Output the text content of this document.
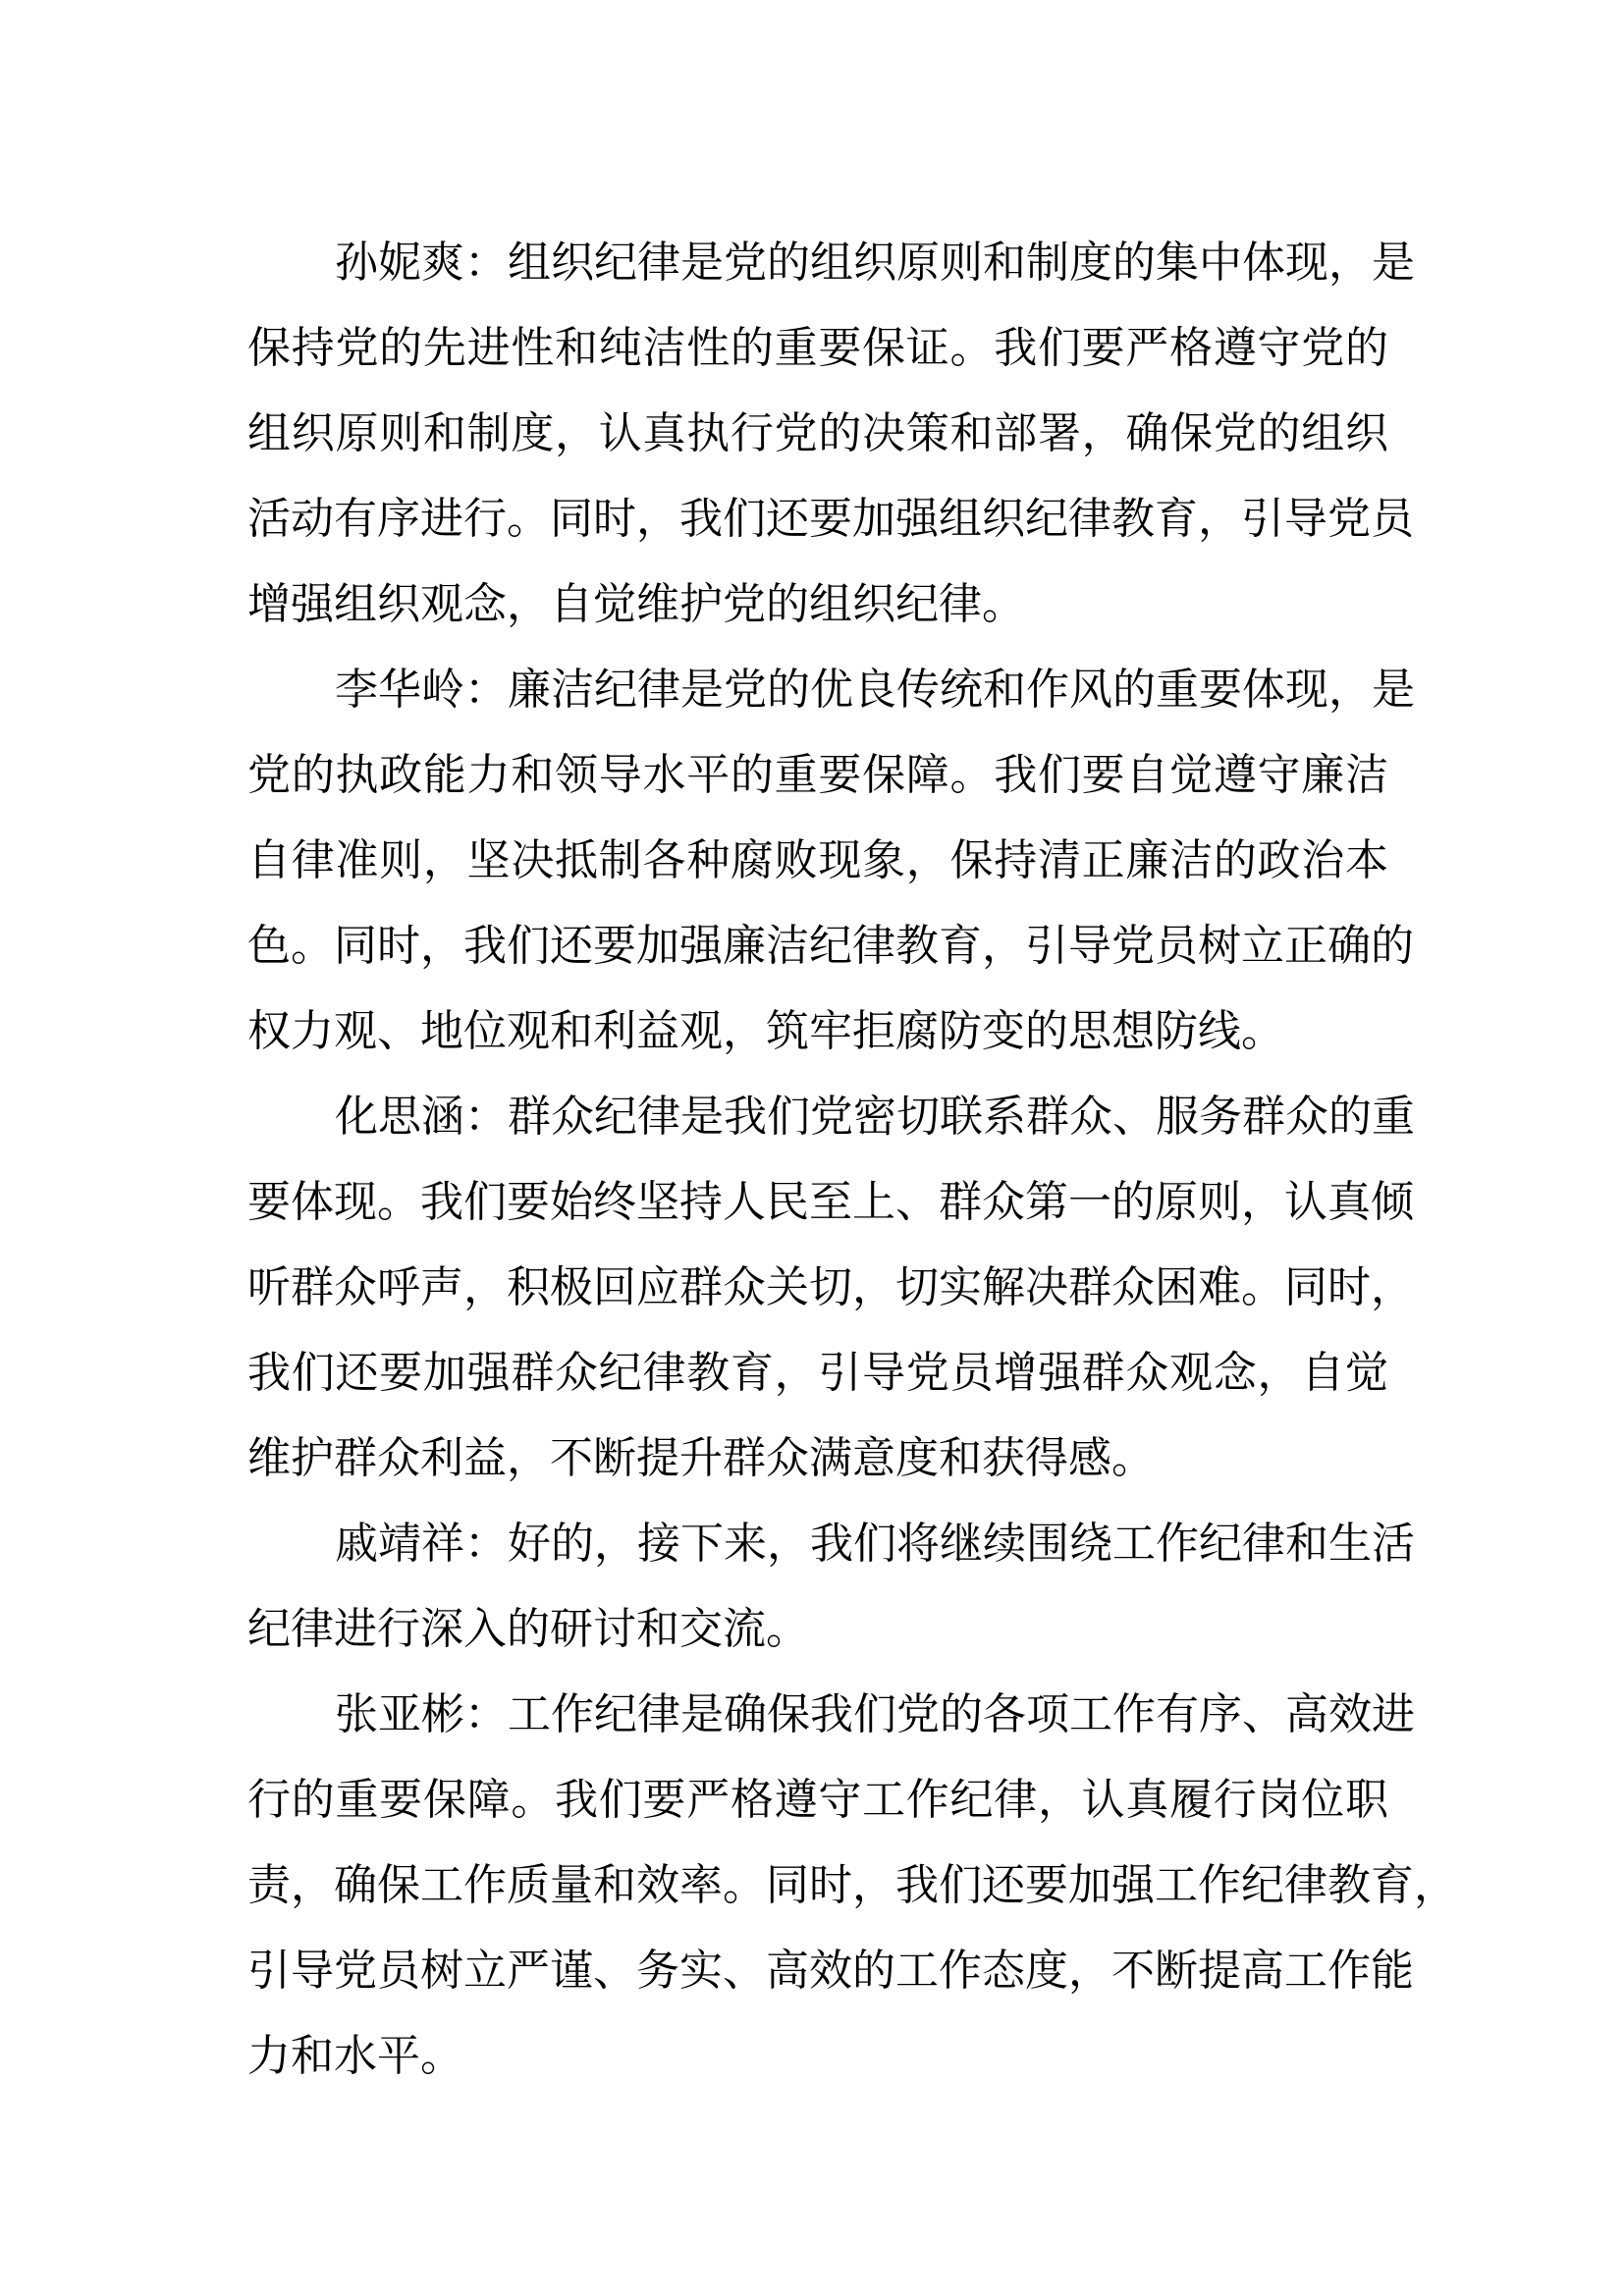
孙妮爽：组织纪律是党的组织原则和制度的集中体现，是
保持党的先进性和纯洁性的重要保证。我们要严格遵守党的
组织原则和制度，认真执行党的决策和部署，确保党的组织
活动有序进行。同时，我们还要加强组织纪律教育，引导党员
增强组织观念，自觉维护党的组织纪律。
李华岭：廉洁纪律是党的优良传统和作风的重要体现，是
党的执政能力和领导水平的重要保障。我们要自觉遵守廉洁
自律准则，坚决抵制各种腐败现象，保持清正廉洁的政治本
色。同时，我们还要加强廉洁纪律教育，引导党员树立正确的
权力观、地位观和利益观，筑牢拒腐防变的思想防线。
化思涵：群众纪律是我们党密切联系群众、服务群众的重
要体现。我们要始终坚持人民至上、群众第一的原则，认真倾
听群众呼声，积极回应群众关切，切实解决群众困难。同时，
我们还要加强群众纪律教育，引导党员增强群众观念，自觉
维护群众利益，不断提升群众满意度和获得感。
戚靖祥：好的，接下来，我们将继续围绕工作纪律和生活
纪律进行深入的研讨和交流。
张亚彬：工作纪律是确保我们党的各项工作有序、高效进
行的重要保障。我们要严格遵守工作纪律，认真履行岗位职
责，确保工作质量和效率。同时，我们还要加强工作纪律教育，
引导党员树立严谨、务实、高效的工作态度，不断提高工作能
力和水平。
